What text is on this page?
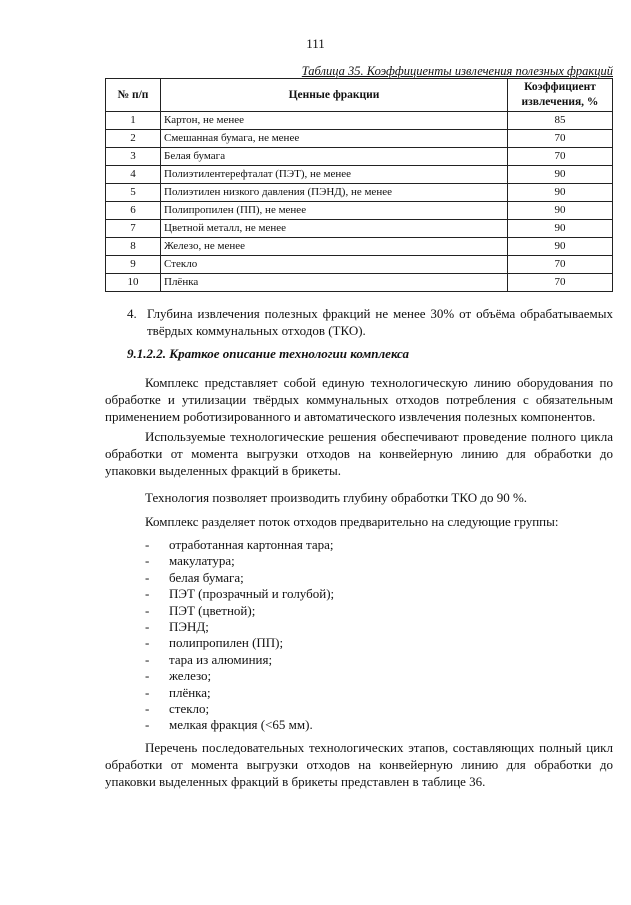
111
Таблица 35. Коэффициенты извлечения полезных фракций
№ п/п	Ценные фракции	Коэффициент
извлечения, %

1	Картон, не менее	85
2	Смешанная бумага, не менее	70
3	Белая бумага	70
4	Полиэтилентерефталат (ПЭТ), не менее	90
5	Полиэтилен низкого давления (ПЭНД), не менее	90
6	Полипропилен (ПП), не менее	90
7	Цветной металл, не менее	90
8	Железо, не менее	90
9	Стекло	70
10	Плёнка	70
4. Глубина извлечения полезных фракций не менее 30% от объёма обрабатываемых твёрдых коммунальных отходов (ТКО).
9.1.2.2. Краткое описание технологии комплекса

Комплекс представляет собой единую технологическую линию оборудования по обработке и утилизации твёрдых коммунальных отходов потребления с обязательным применением роботизированного и автоматического извлечения полезных компонентов.

Используемые технологические решения обеспечивают проведение полного цикла обработки от момента выгрузки отходов на конвейерную линию для обработки до упаковки выделенных фракций в брикеты.

Технология позволяет производить глубину обработки ТКО до 90 %.

Комплекс разделяет поток отходов предварительно на следующие группы:

- отработанная картонная тара;
- макулатура;
- белая бумага;
- ПЭТ (прозрачный и голубой);
- ПЭТ (цветной);
- ПЭНД;
- полипропилен (ПП);
- тара из алюминия;
- железо;
- плёнка;
- стекло;
- мелкая фракция (<65 мм).

Перечень последовательных технологических этапов, составляющих полный цикл обработки от момента выгрузки отходов на конвейерную линию для обработки до упаковки выделенных фракций в брикеты представлен в таблице 36.
